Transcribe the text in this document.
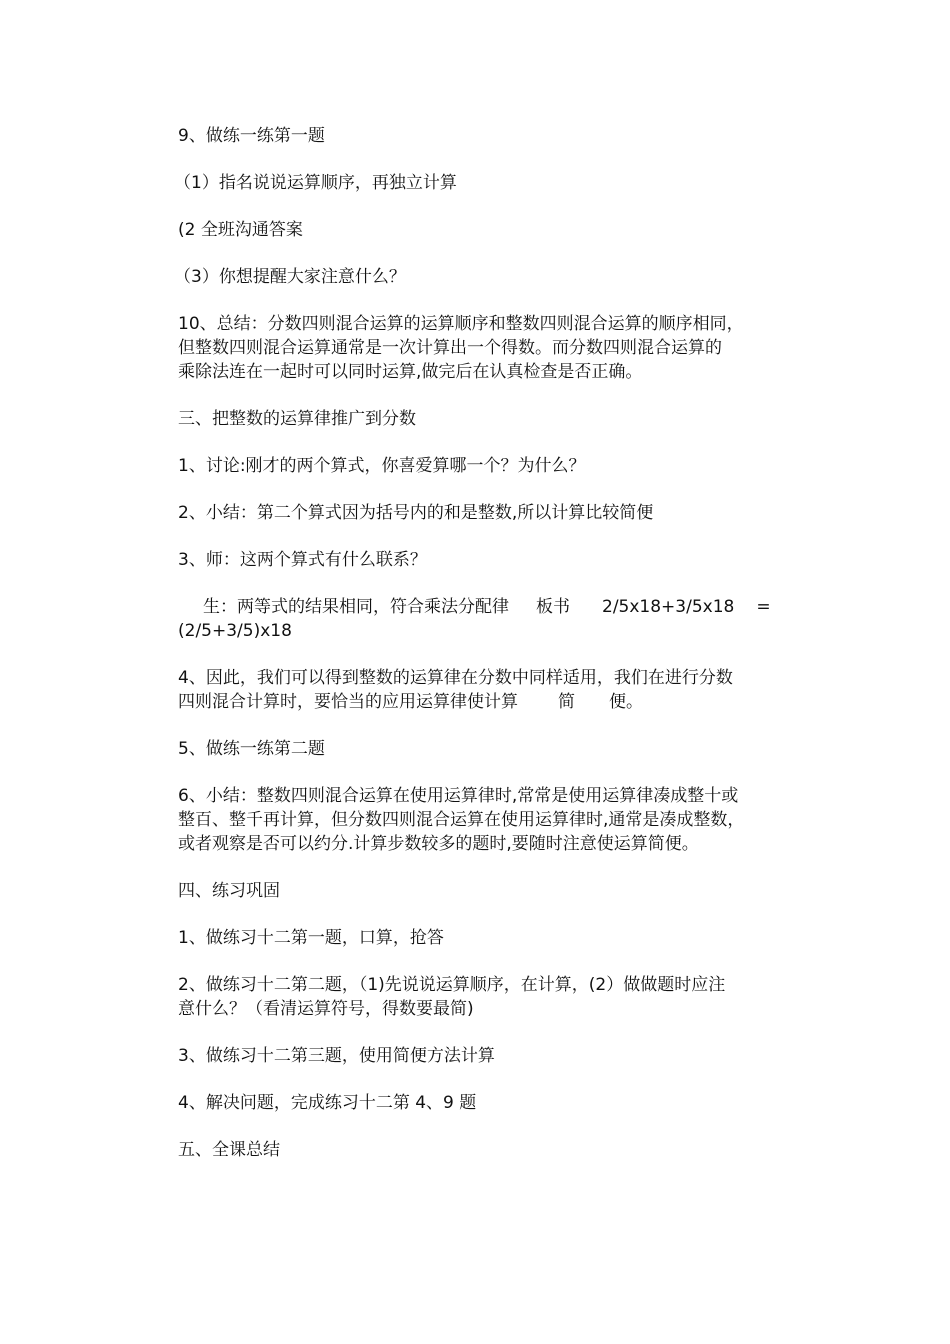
9、做练一练第一题

（1）指名说说运算顺序，再独立计算

(2 全班沟通答案

（3）你想提醒大家注意什么？

10、总结：分数四则混合运算的运算顺序和整数四则混合运算的顺序相同，
但整数四则混合运算通常是一次计算出一个得数。而分数四则混合运算的
乘除法连在一起时可以同时运算,做完后在认真检查是否正确。

三、把整数的运算律推广到分数

1、讨论:刚才的两个算式，你喜爱算哪一个？为什么？

2、小结：第二个算式因为括号内的和是整数,所以计算比较简便

3、师：这两个算式有什么联系？

生：两等式的结果相同，符合乘法分配律 板书 2/5x18+3/5x18 =

(2/5+3/5)x18

4、因此，我们可以得到整数的运算律在分数中同样适用，我们在进行分数
四则混合计算时，要恰当的应用运算律使计算 简 便。

5、做练一练第二题

6、小结：整数四则混合运算在使用运算律时,常常是使用运算律凑成整十或
整百、整千再计算，但分数四则混合运算在使用运算律时,通常是凑成整数，
或者观察是否可以约分.计算步数较多的题时,要随时注意使运算简便。

四、练习巩固

1、做练习十二第一题，口算，抢答

2、做练习十二第二题，（1)先说说运算顺序，在计算，(2）做做题时应注
意什么？（看清运算符号，得数要最简)

3、做练习十二第三题，使用简便方法计算

4、解决问题，完成练习十二第 4、9 题

五、全课总结
